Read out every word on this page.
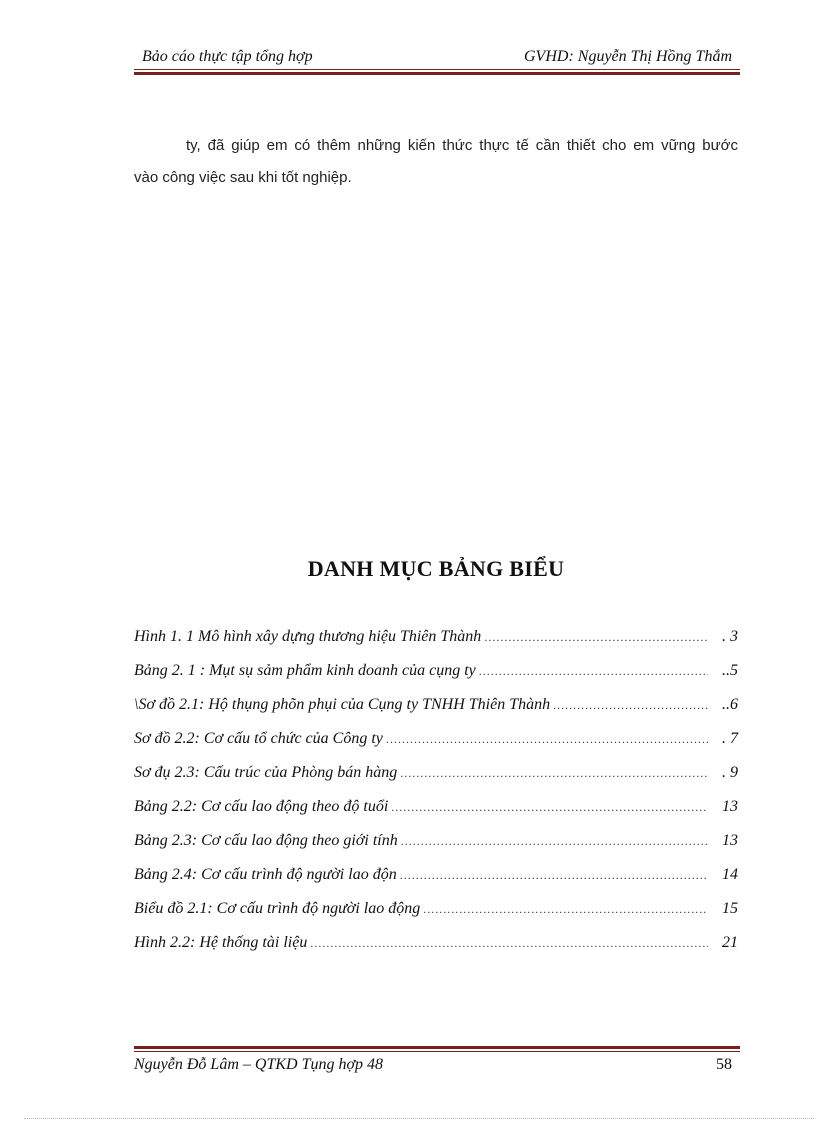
Bảo cáo thực tập tổng hợp	GVHD: Nguyễn Thị Hồng Thắm
ty, đã giúp em có thêm những kiến thức thực tế cần thiết cho em vững bước
vào công việc sau khi tốt nghiệp.
DANH MỤC BẢNG BIỂU
Hình 1. 1 Mô hình xây dựng thương hiệu Thiên Thành .....	. 3
Bảng 2. 1 : Mụt sụ sảm phẩm kinh doanh của cụng ty .....	..5
\Sơ đồ 2.1: Hộ thụng phõn phụi của Cụng ty TNHH Thiên Thành .....	..6
Sơ đồ 2.2: Cơ cấu tổ chức của Công ty .....	. 7
Sơ đụ 2.3: Cấu trúc của Phòng bán hàng .....	. 9
Bảng 2.2: Cơ cấu lao động theo độ tuổi .....	13
Bảng 2.3: Cơ cấu lao động theo giới tính .....	13
Bảng 2.4: Cơ cấu trình độ người lao độn .....	14
Biểu đồ 2.1: Cơ cấu trình độ người lao động .....	15
Hình 2.2: Hệ thống tài liệu .....	21
Nguyễn Đỗ Lâm – QTKD Tụng hợp 48	58
